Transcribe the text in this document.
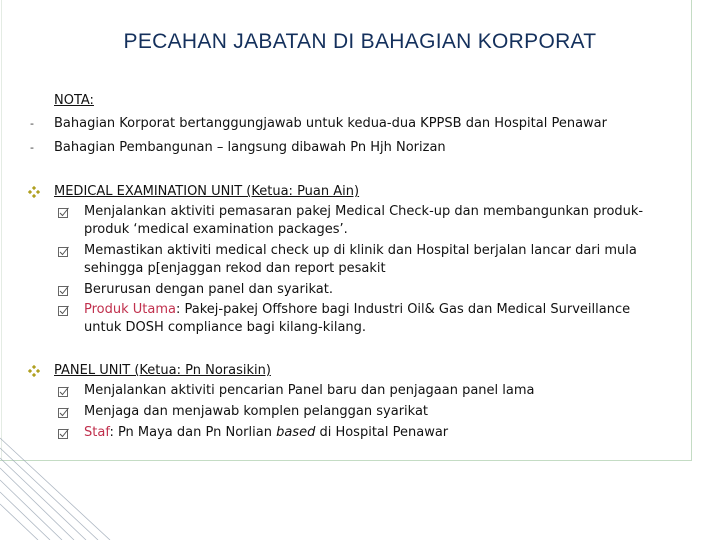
PECAHAN JABATAN DI BAHAGIAN KORPORAT
NOTA:
- Bahagian Korporat bertanggungjawab untuk kedua-dua KPPSB dan Hospital Penawar
- Bahagian Pembangunan – langsung dibawah Pn Hjh Norizan
MEDICAL EXAMINATION UNIT (Ketua: Puan Ain)
Menjalankan aktiviti pemasaran pakej Medical Check-up dan membangunkan produk-
produk ‘medical examination packages’.
Memastikan aktiviti medical check up di klinik dan Hospital berjalan lancar dari mula
sehingga p[enjaggan rekod dan report pesakit
Berurusan dengan panel dan syarikat.
Produk Utama: Pakej-pakej Offshore bagi Industri Oil& Gas dan Medical Surveillance
untuk DOSH compliance bagi kilang-kilang.
PANEL UNIT (Ketua: Pn Norasikin)
Menjalankan aktiviti pencarian Panel baru dan penjagaan panel lama
Menjaga dan menjawab komplen pelanggan syarikat
Staf: Pn Maya dan Pn Norlian based di Hospital Penawar
